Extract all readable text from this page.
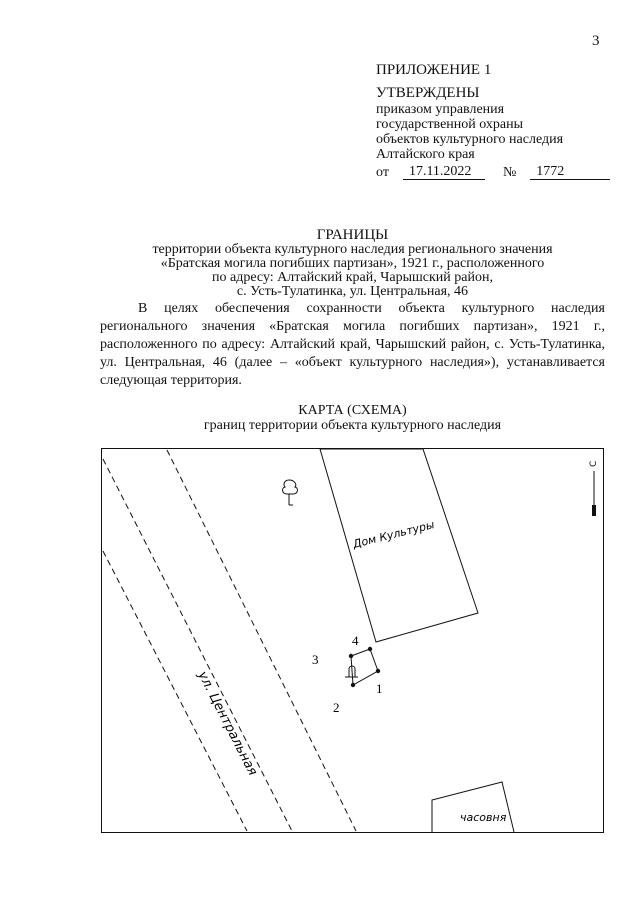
3
ПРИЛОЖЕНИЕ 1
УТВЕРЖДЕНЫ
приказом управления
государственной охраны
объектов культурного наследия
Алтайского края
от	17.11.2022	№	1772
ГРАНИЦЫ
территории объекта культурного наследия регионального значения
«Братская могила погибших партизан», 1921 г., расположенного
по адресу: Алтайский край, Чарышский район,
с. Усть-Тулатинка, ул. Центральная, 46
В целях обеспечения сохранности объекта культурного наследия регионального значения «Братская могила погибших партизан», 1921 г., расположенного по адресу: Алтайский край, Чарышский район, с. Усть-Тулатинка, ул. Центральная, 46 (далее – «объект культурного наследия»), устанавливается следующая территория.
КАРТА (СХЕМА)
границ территории объекта культурного наследия
ул. Центральная
Дом Культуры
часовня
С
1
2
3
4
